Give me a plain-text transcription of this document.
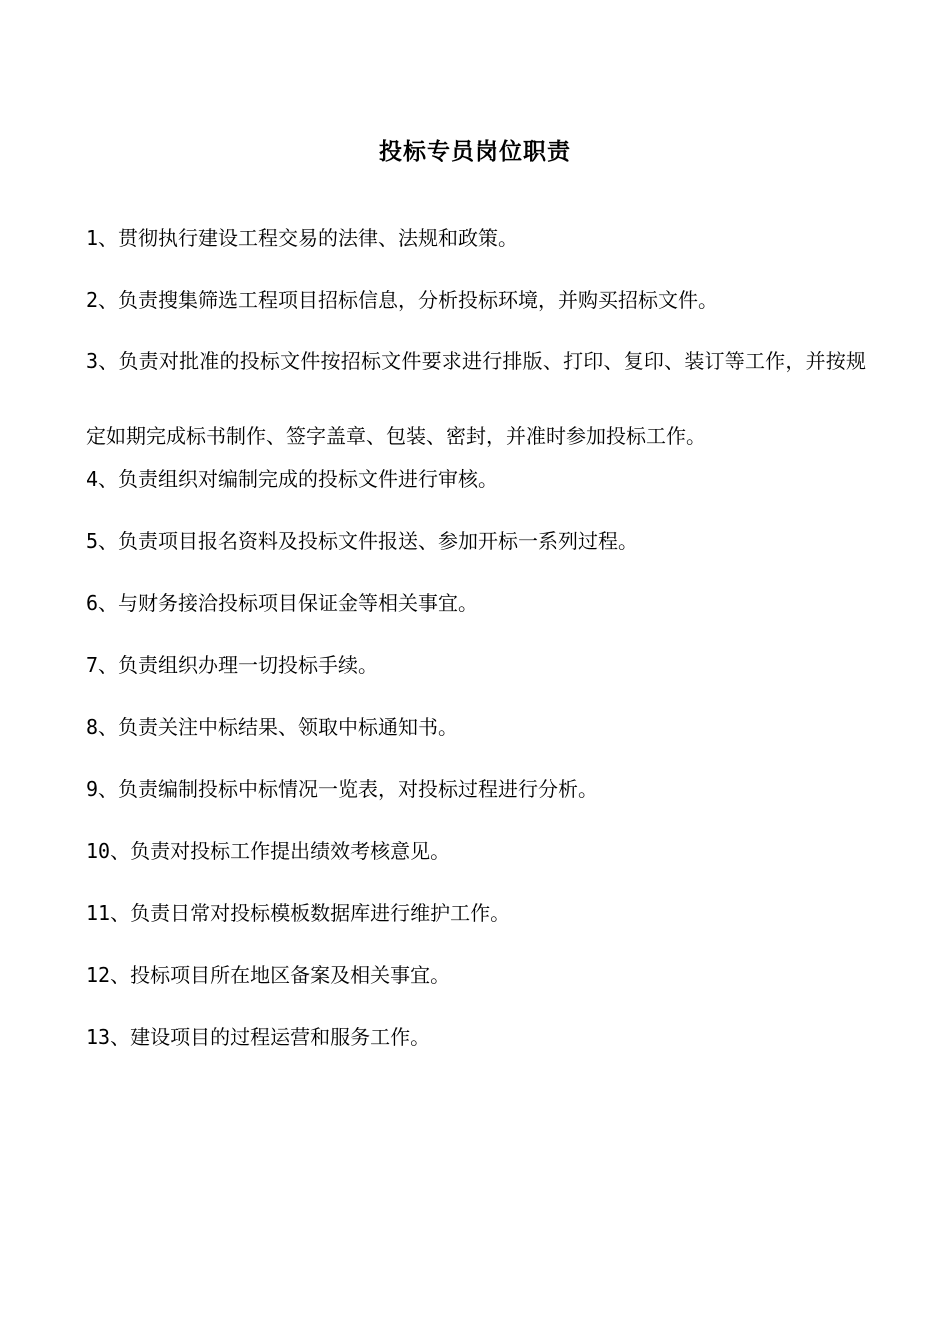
投标专员岗位职责

1、贯彻执行建设工程交易的法律、法规和政策。

2、负责搜集筛选工程项目招标信息，分析投标环境，并购买招标文件。

3、负责对批准的投标文件按招标文件要求进行排版、打印、复印、装订等工作，并按规定如期完成标书制作、签字盖章、包装、密封，并准时参加投标工作。

4、负责组织对编制完成的投标文件进行审核。

5、负责项目报名资料及投标文件报送、参加开标一系列过程。

6、与财务接洽投标项目保证金等相关事宜。

7、负责组织办理一切投标手续。

8、负责关注中标结果、领取中标通知书。

9、负责编制投标中标情况一览表，对投标过程进行分析。

10、负责对投标工作提出绩效考核意见。

11、负责日常对投标模板数据库进行维护工作。

12、投标项目所在地区备案及相关事宜。

13、建设项目的过程运营和服务工作。
